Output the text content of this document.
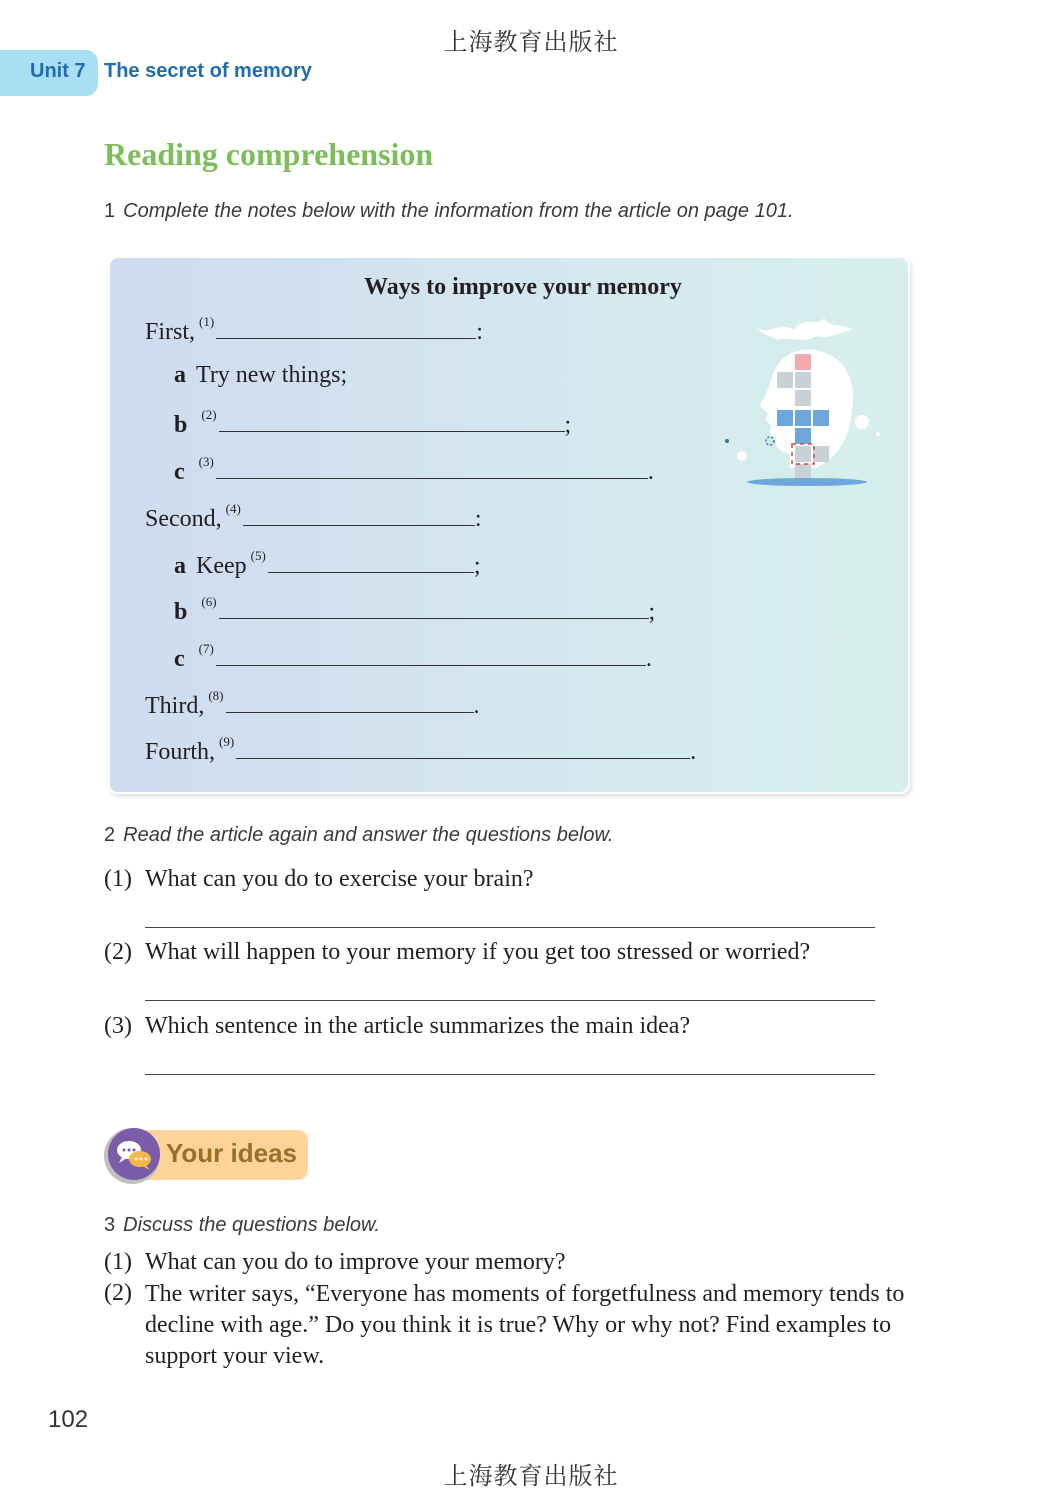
上海教育出版社
Unit 7 The secret of memory
Reading comprehension
1 Complete the notes below with the information from the article on page 101.
Ways to improve your memory
First, $^{(1)}$	:
a Try new things;
b $^{(2)}$	;
c $^{(3)}$	.
Second, $^{(4)}$	:
a Keep $^{(5)}$	;
b $^{(6)}$	;
c $^{(7)}$	.
Third, $^{(8)}$	.
Fourth, $^{(9)}$	.
2 Read the article again and answer the questions below.
(1) What can you do to exercise your brain?
(2) What will happen to your memory if you get too stressed or worried?
(3) Which sentence in the article summarizes the main idea?
Your ideas
3 Discuss the questions below.
(1) What can you do to improve your memory?
(2) The writer says, “Everyone has moments of forgetfulness and memory tends to decline with age.” Do you think it is true? Why or why not? Find examples to support your view.
102
上海教育出版社
